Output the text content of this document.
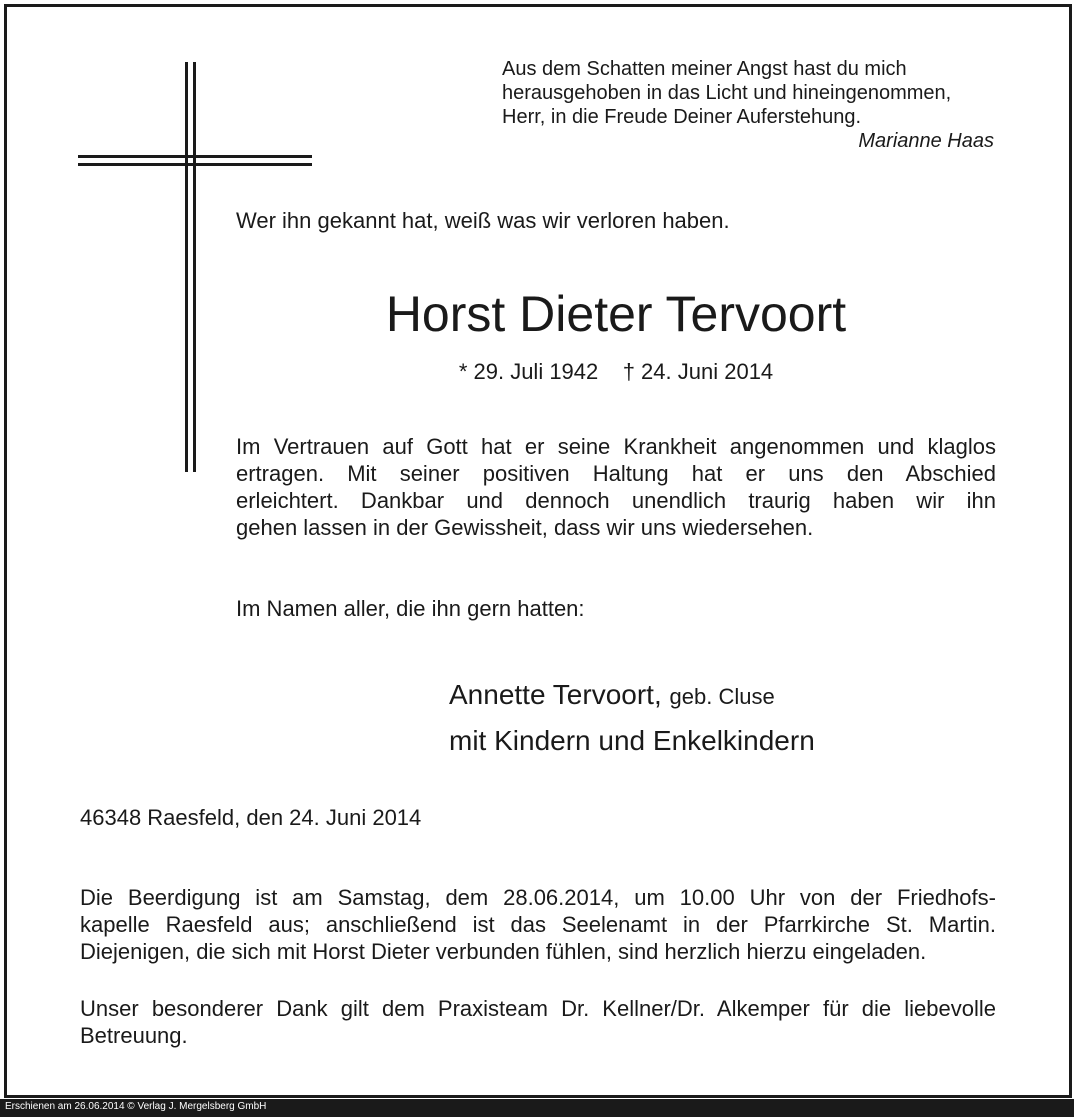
Aus dem Schatten meiner Angst hast du mich
herausgehoben in das Licht und hineingenommen,
Herr, in die Freude Deiner Auferstehung.
Marianne Haas
Wer ihn gekannt hat, weiß was wir verloren haben.
Horst Dieter Tervoort
* 29. Juli 1942    † 24. Juni 2014
Im Vertrauen auf Gott hat er seine Krankheit angenommen und klaglos
ertragen. Mit seiner positiven Haltung hat er uns den Abschied
erleichtert. Dankbar und dennoch unendlich traurig haben wir ihn
gehen lassen in der Gewissheit, dass wir uns wiedersehen.
Im Namen aller, die ihn gern hatten:
Annette Tervoort, geb. Cluse
mit Kindern und Enkelkindern
46348 Raesfeld, den 24. Juni 2014
Die Beerdigung ist am Samstag, dem 28.06.2014, um 10.00 Uhr von der Friedhofs-
kapelle Raesfeld aus; anschließend ist das Seelenamt in der Pfarrkirche St. Martin.
Diejenigen, die sich mit Horst Dieter verbunden fühlen, sind herzlich hierzu eingeladen.
Unser besonderer Dank gilt dem Praxisteam Dr. Kellner/Dr. Alkemper für die liebevolle
Betreuung.
Erschienen am 26.06.2014 © Verlag J. Mergelsberg GmbH
